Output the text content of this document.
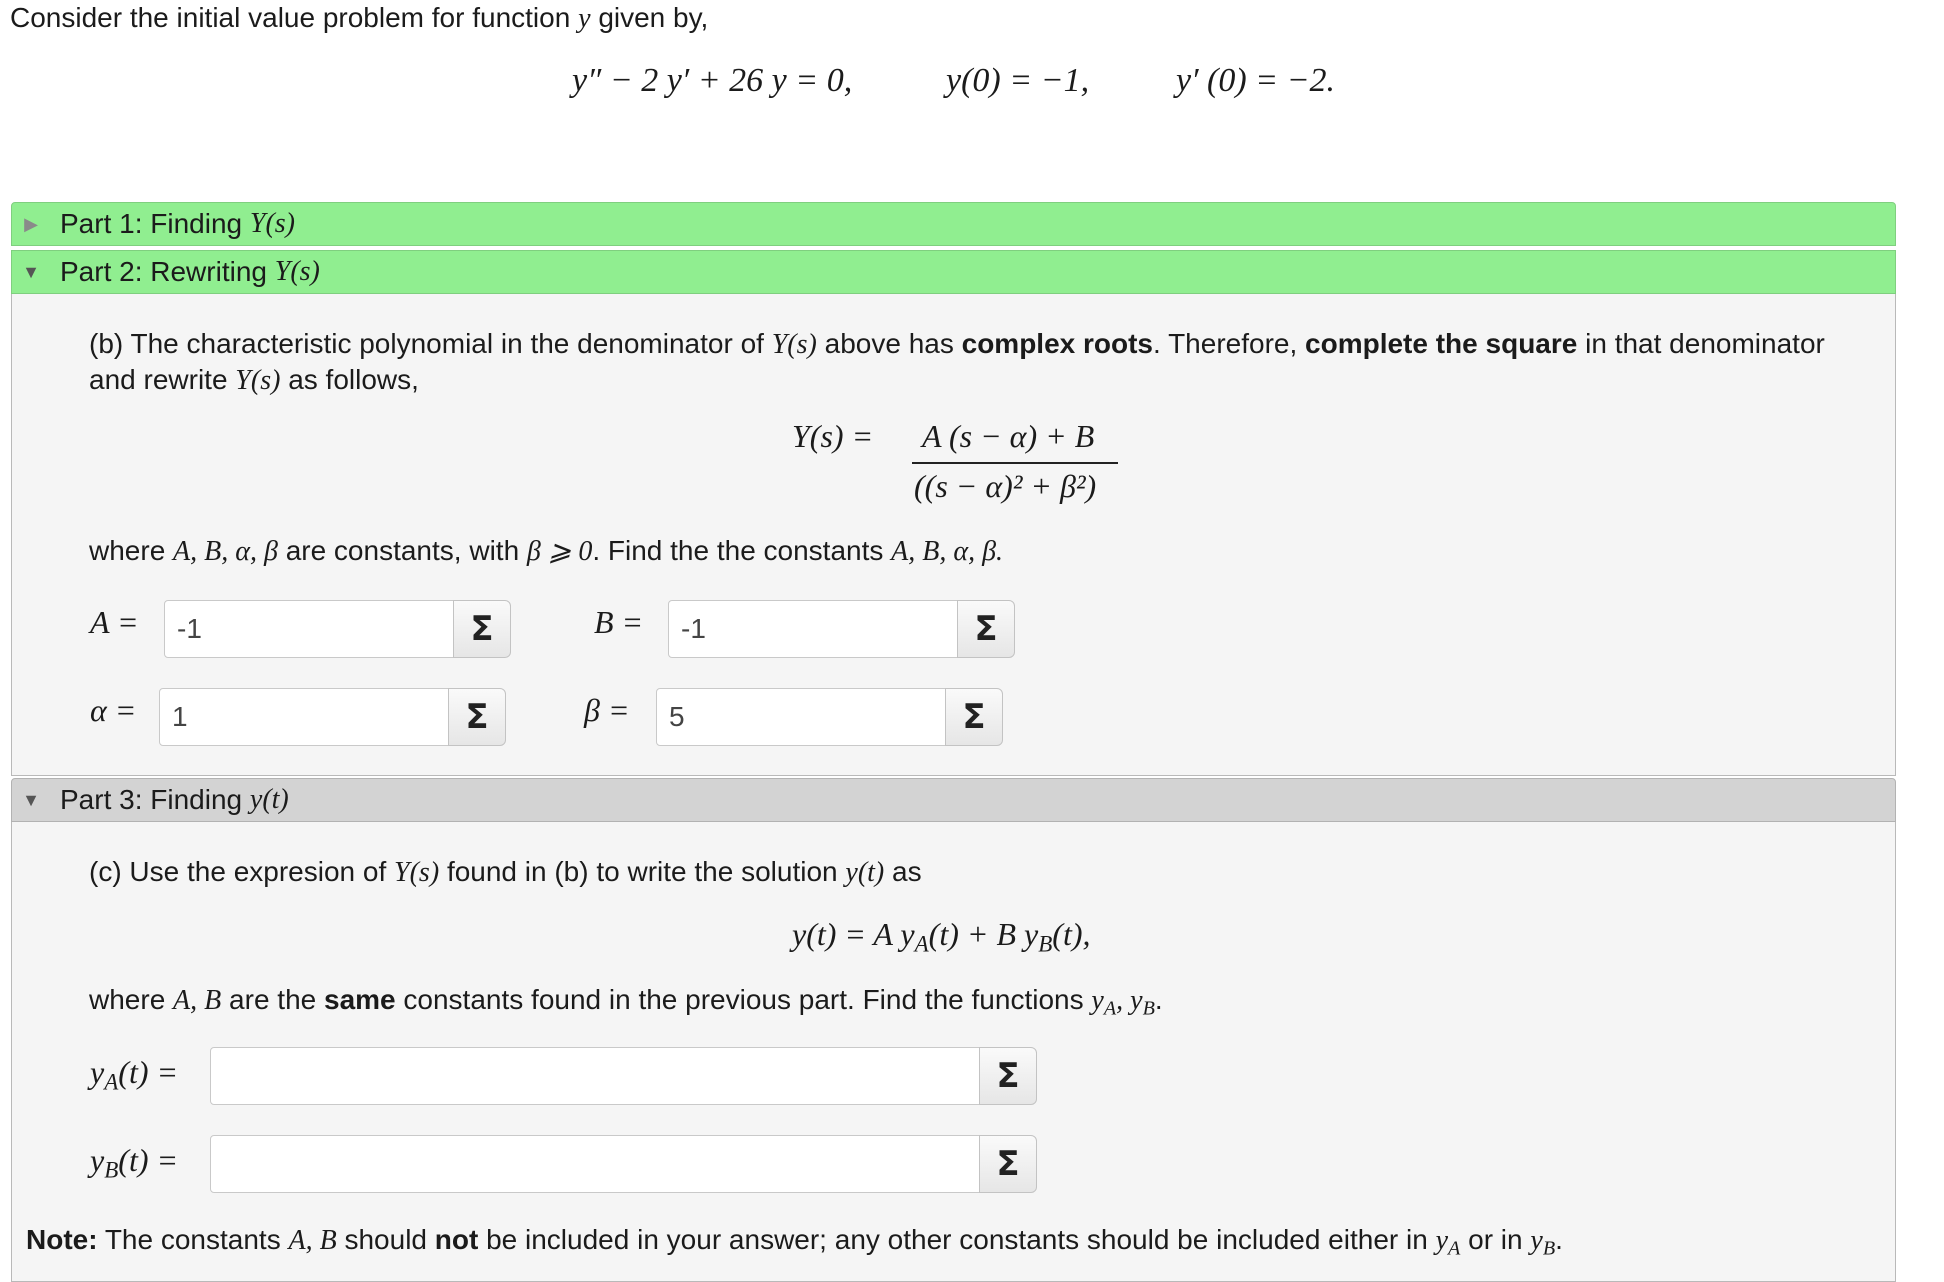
Consider the initial value problem for function y given by,
y″ − 2 y′ + 26 y = 0,	y(0) = −1,	y′ (0) = −2.
▶ Part 1: Finding
Y(s)
▼ Part 2: Rewriting
Y(s)
(b) The characteristic polynomial in the denominator of Y(s) above has complex roots. Therefore, complete the square in that denominator
and rewrite Y(s) as follows,
Y(s) = A (s − α) + B
((s − α)² + β²)
where A, B, α, β are constants, with β ⩾ 0. Find the the constants A, B, α, β.
A =	-1	Σ	B =	-1	Σ
α =	1	Σ	β =	5	Σ
▼ Part 3: Finding
y(t)
(c) Use the expresion of Y(s) found in (b) to write the solution y(t) as
y(t) = A $y_A(t) + B$ $y_B(t)$,
where A, B are the same constants found in the previous part. Find the functions $y_A$, $y_B$.
$y_A(t)$ =	Σ
$y_B(t)$ =	Σ
Note: The constants A, B should not be included in your answer; any other constants should be included either in $y_A$ or in $y_B$.
